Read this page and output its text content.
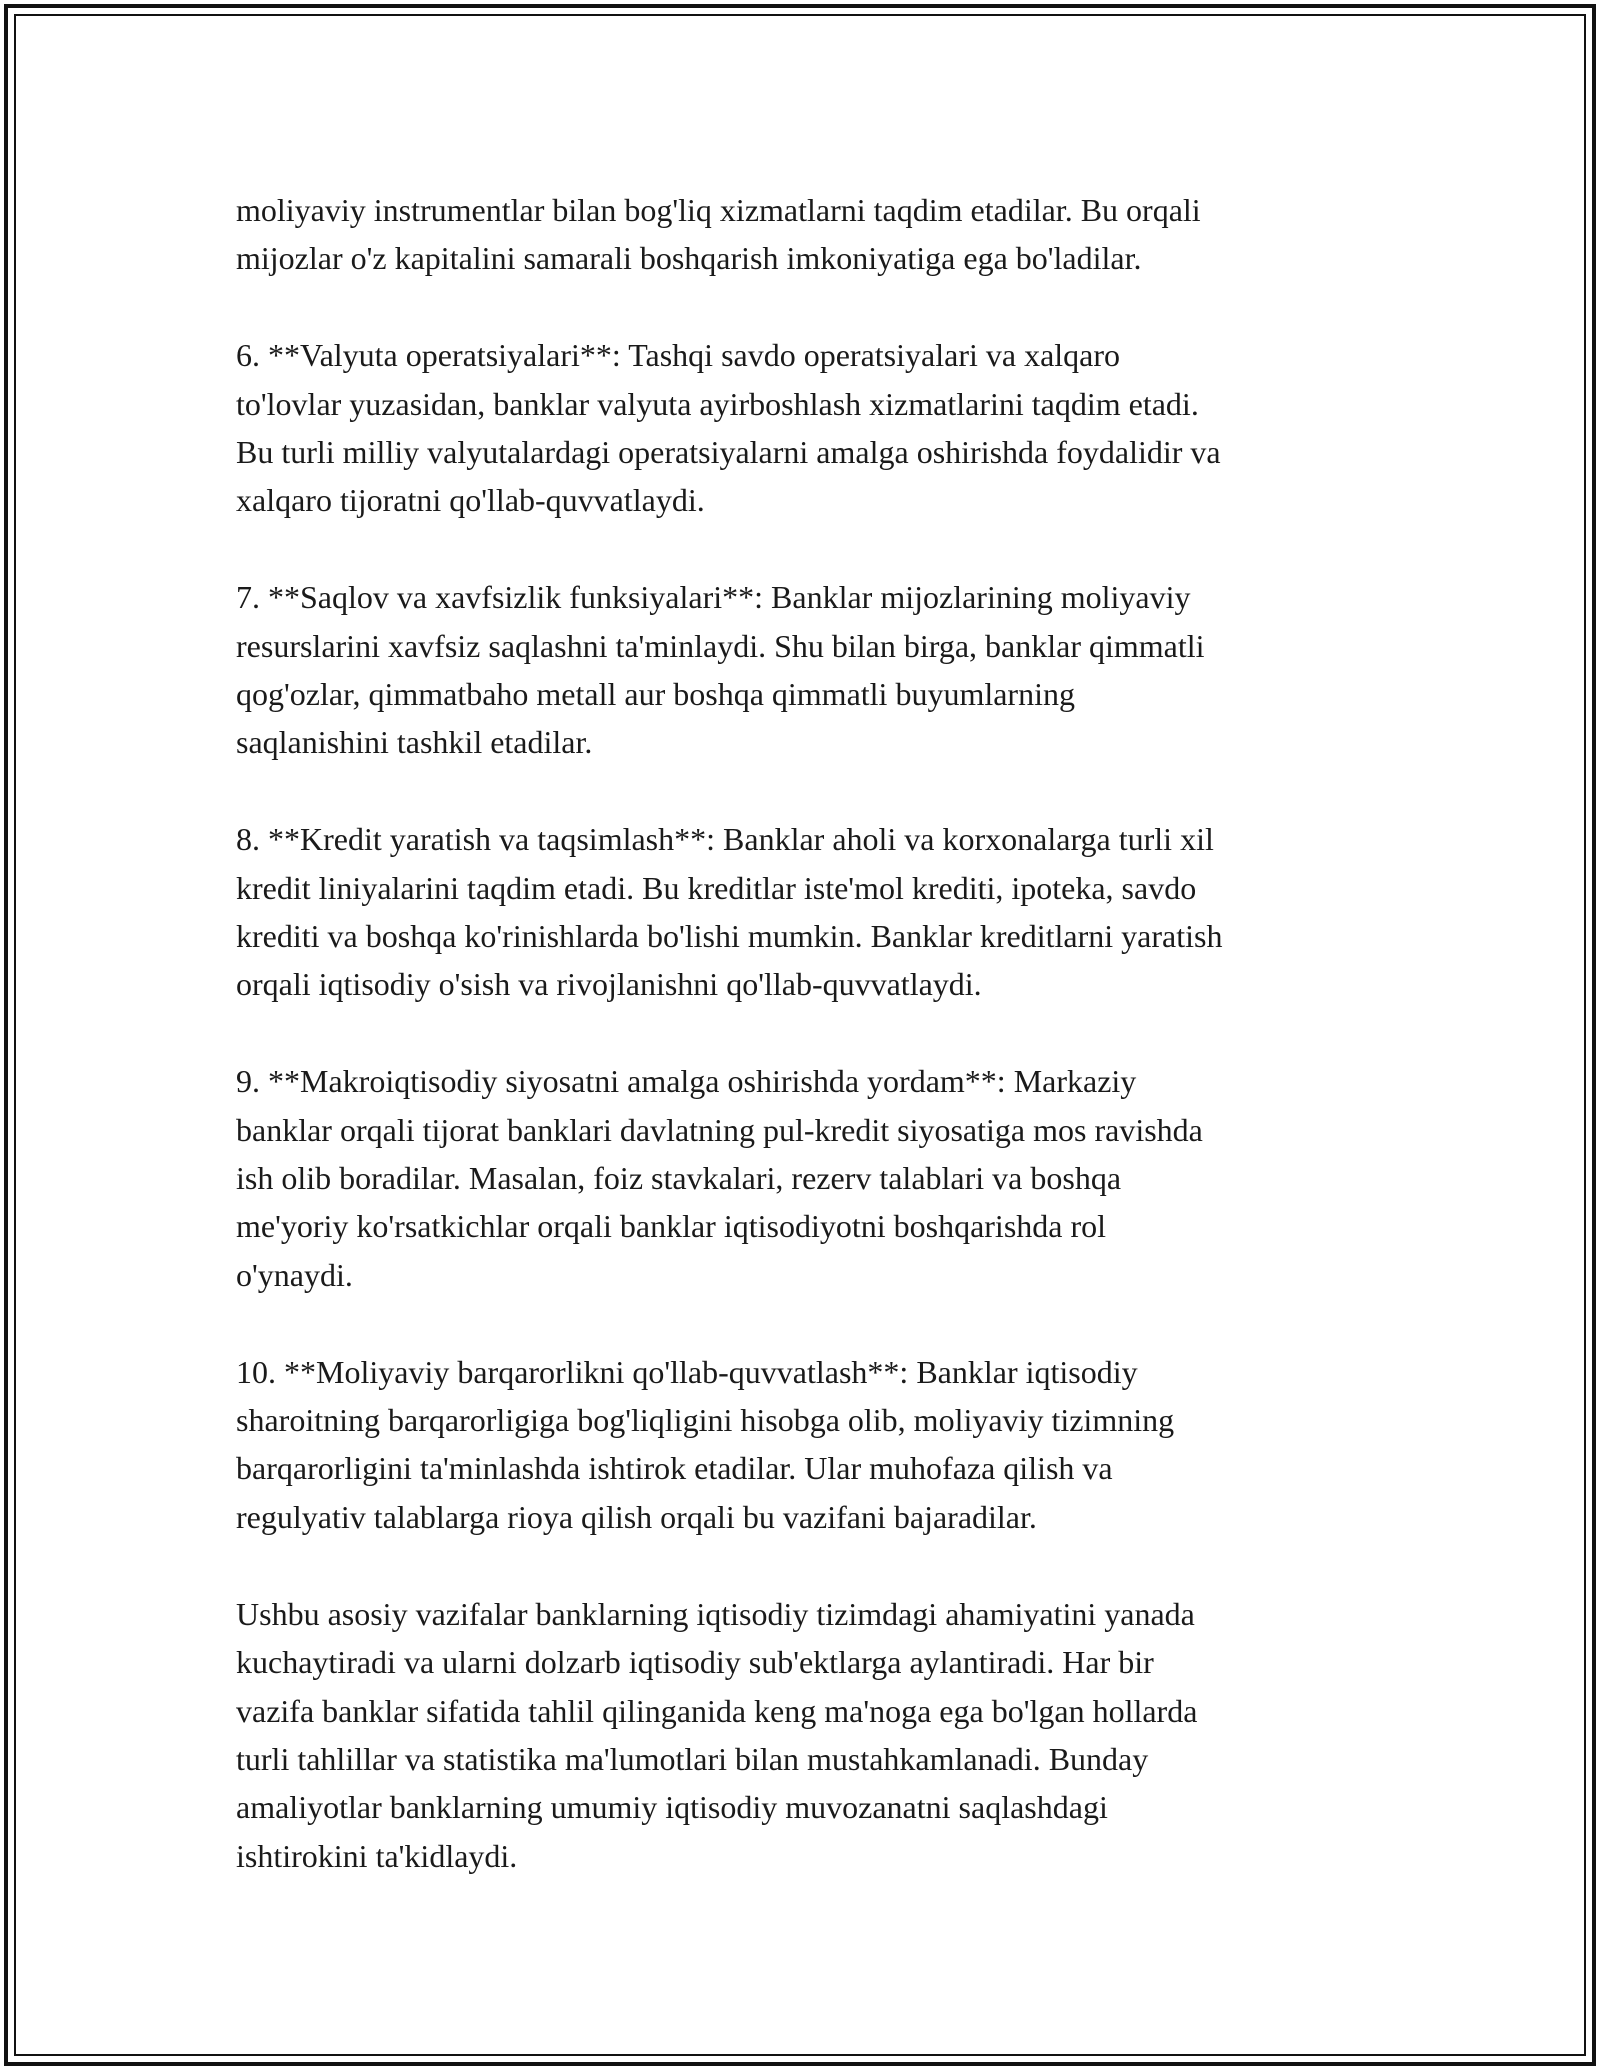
moliyaviy instrumentlar bilan bog'liq xizmatlarni taqdim etadilar. Bu orqali
mijozlar o'z kapitalini samarali boshqarish imkoniyatiga ega bo'ladilar.

6. **Valyuta operatsiyalari**: Tashqi savdo operatsiyalari va xalqaro
to'lovlar yuzasidan, banklar valyuta ayirboshlash xizmatlarini taqdim etadi.
Bu turli milliy valyutalardagi operatsiyalarni amalga oshirishda foydalidir va
xalqaro tijoratni qo'llab-quvvatlaydi.

7. **Saqlov va xavfsizlik funksiyalari**: Banklar mijozlarining moliyaviy
resurslarini xavfsiz saqlashni ta'minlaydi. Shu bilan birga, banklar qimmatli
qog'ozlar, qimmatbaho metall aur boshqa qimmatli buyumlarning
saqlanishini tashkil etadilar.

8. **Kredit yaratish va taqsimlash**: Banklar aholi va korxonalarga turli xil
kredit liniyalarini taqdim etadi. Bu kreditlar iste'mol krediti, ipoteka, savdo
krediti va boshqa ko'rinishlarda bo'lishi mumkin. Banklar kreditlarni yaratish
orqali iqtisodiy o'sish va rivojlanishni qo'llab-quvvatlaydi.

9. **Makroiqtisodiy siyosatni amalga oshirishda yordam**: Markaziy
banklar orqali tijorat banklari davlatning pul-kredit siyosatiga mos ravishda
ish olib boradilar. Masalan, foiz stavkalari, rezerv talablari va boshqa
me'yoriy ko'rsatkichlar orqali banklar iqtisodiyotni boshqarishda rol
o'ynaydi.

10. **Moliyaviy barqarorlikni qo'llab-quvvatlash**: Banklar iqtisodiy
sharoitning barqarorligiga bog'liqligini hisobga olib, moliyaviy tizimning
barqarorligini ta'minlashda ishtirok etadilar. Ular muhofaza qilish va
regulyativ talablarga rioya qilish orqali bu vazifani bajaradilar.

Ushbu asosiy vazifalar banklarning iqtisodiy tizimdagi ahamiyatini yanada
kuchaytiradi va ularni dolzarb iqtisodiy sub'ektlarga aylantiradi. Har bir
vazifa banklar sifatida tahlil qilinganida keng ma'noga ega bo'lgan hollarda
turli tahlillar va statistika ma'lumotlari bilan mustahkamlanadi. Bunday
amaliyotlar banklarning umumiy iqtisodiy muvozanatni saqlashdagi
ishtirokini ta'kidlaydi.
